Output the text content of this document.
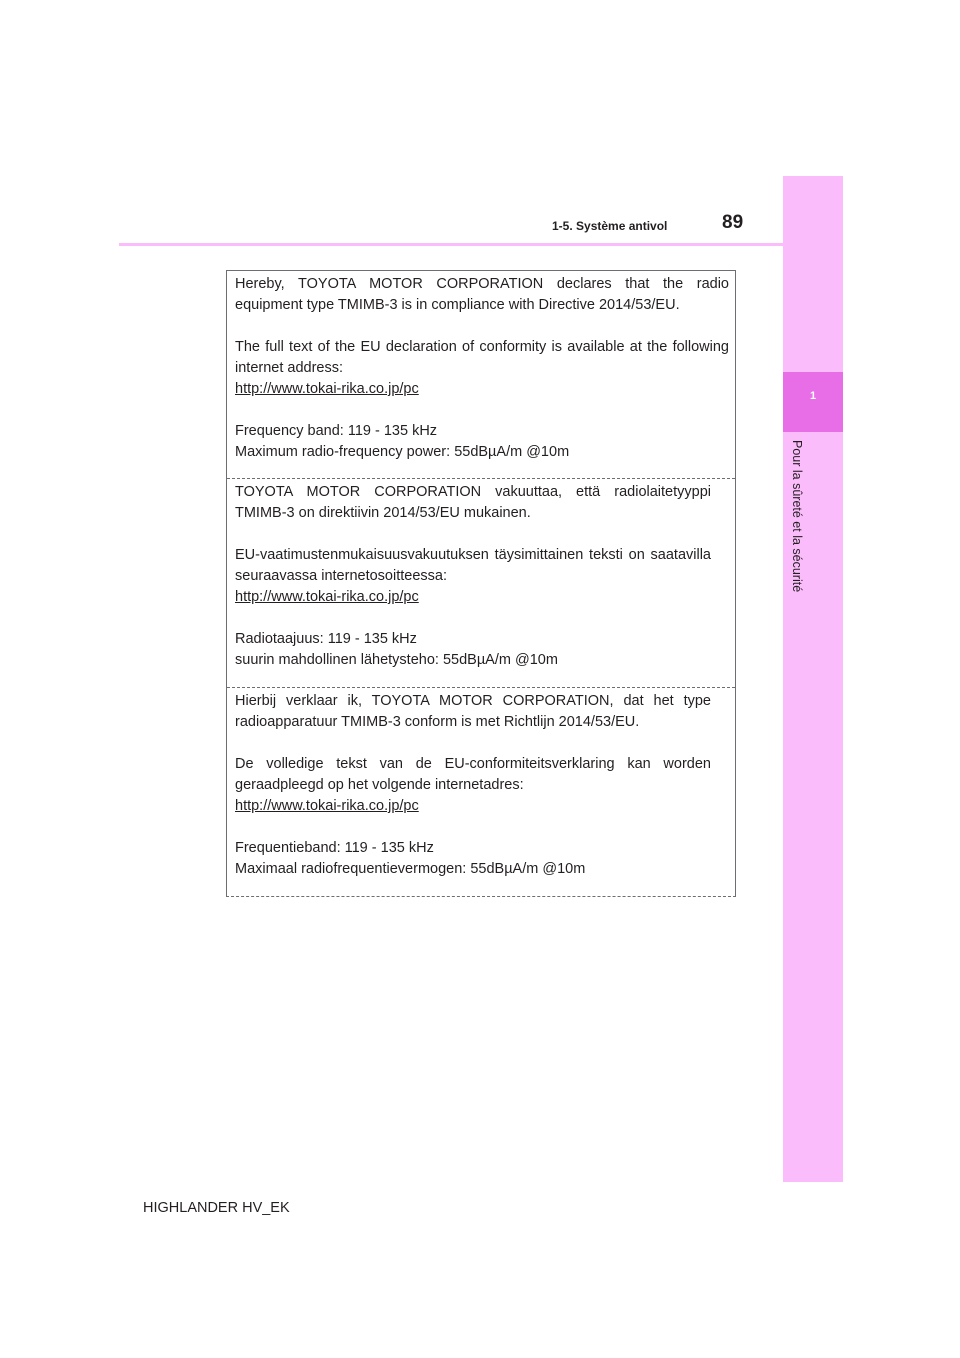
1
Pour la sûreté et la sécurité
1-5. Système antivol	89

Hereby, TOYOTA MOTOR CORPORATION declares that the radio equipment type TMIMB-3 is in compliance with Directive 2014/53/EU.

The full text of the EU declaration of conformity is available at the following internet address:

http://www.tokai-rika.co.jp/pc

Frequency band: 119 - 135 kHz

Maximum radio-frequency power: 55dBµA/m @10m

TOYOTA MOTOR CORPORATION vakuuttaa, että radiolaitetyyppi TMIMB-3 on direktiivin 2014/53/EU mukainen.

EU-vaatimustenmukaisuusvakuutuksen täysimittainen teksti on saatavilla seuraavassa internetosoitteessa:

http://www.tokai-rika.co.jp/pc

Radiotaajuus: 119 - 135 kHz

suurin mahdollinen lähetysteho: 55dBµA/m @10m

Hierbij verklaar ik, TOYOTA MOTOR CORPORATION, dat het type radioapparatuur TMIMB-3 conform is met Richtlijn 2014/53/EU.

De volledige tekst van de EU-conformiteitsverklaring kan worden geraadpleegd op het volgende internetadres:

http://www.tokai-rika.co.jp/pc

Frequentieband: 119 - 135 kHz

Maximaal radiofrequentievermogen: 55dBµA/m @10m

HIGHLANDER HV_EK
